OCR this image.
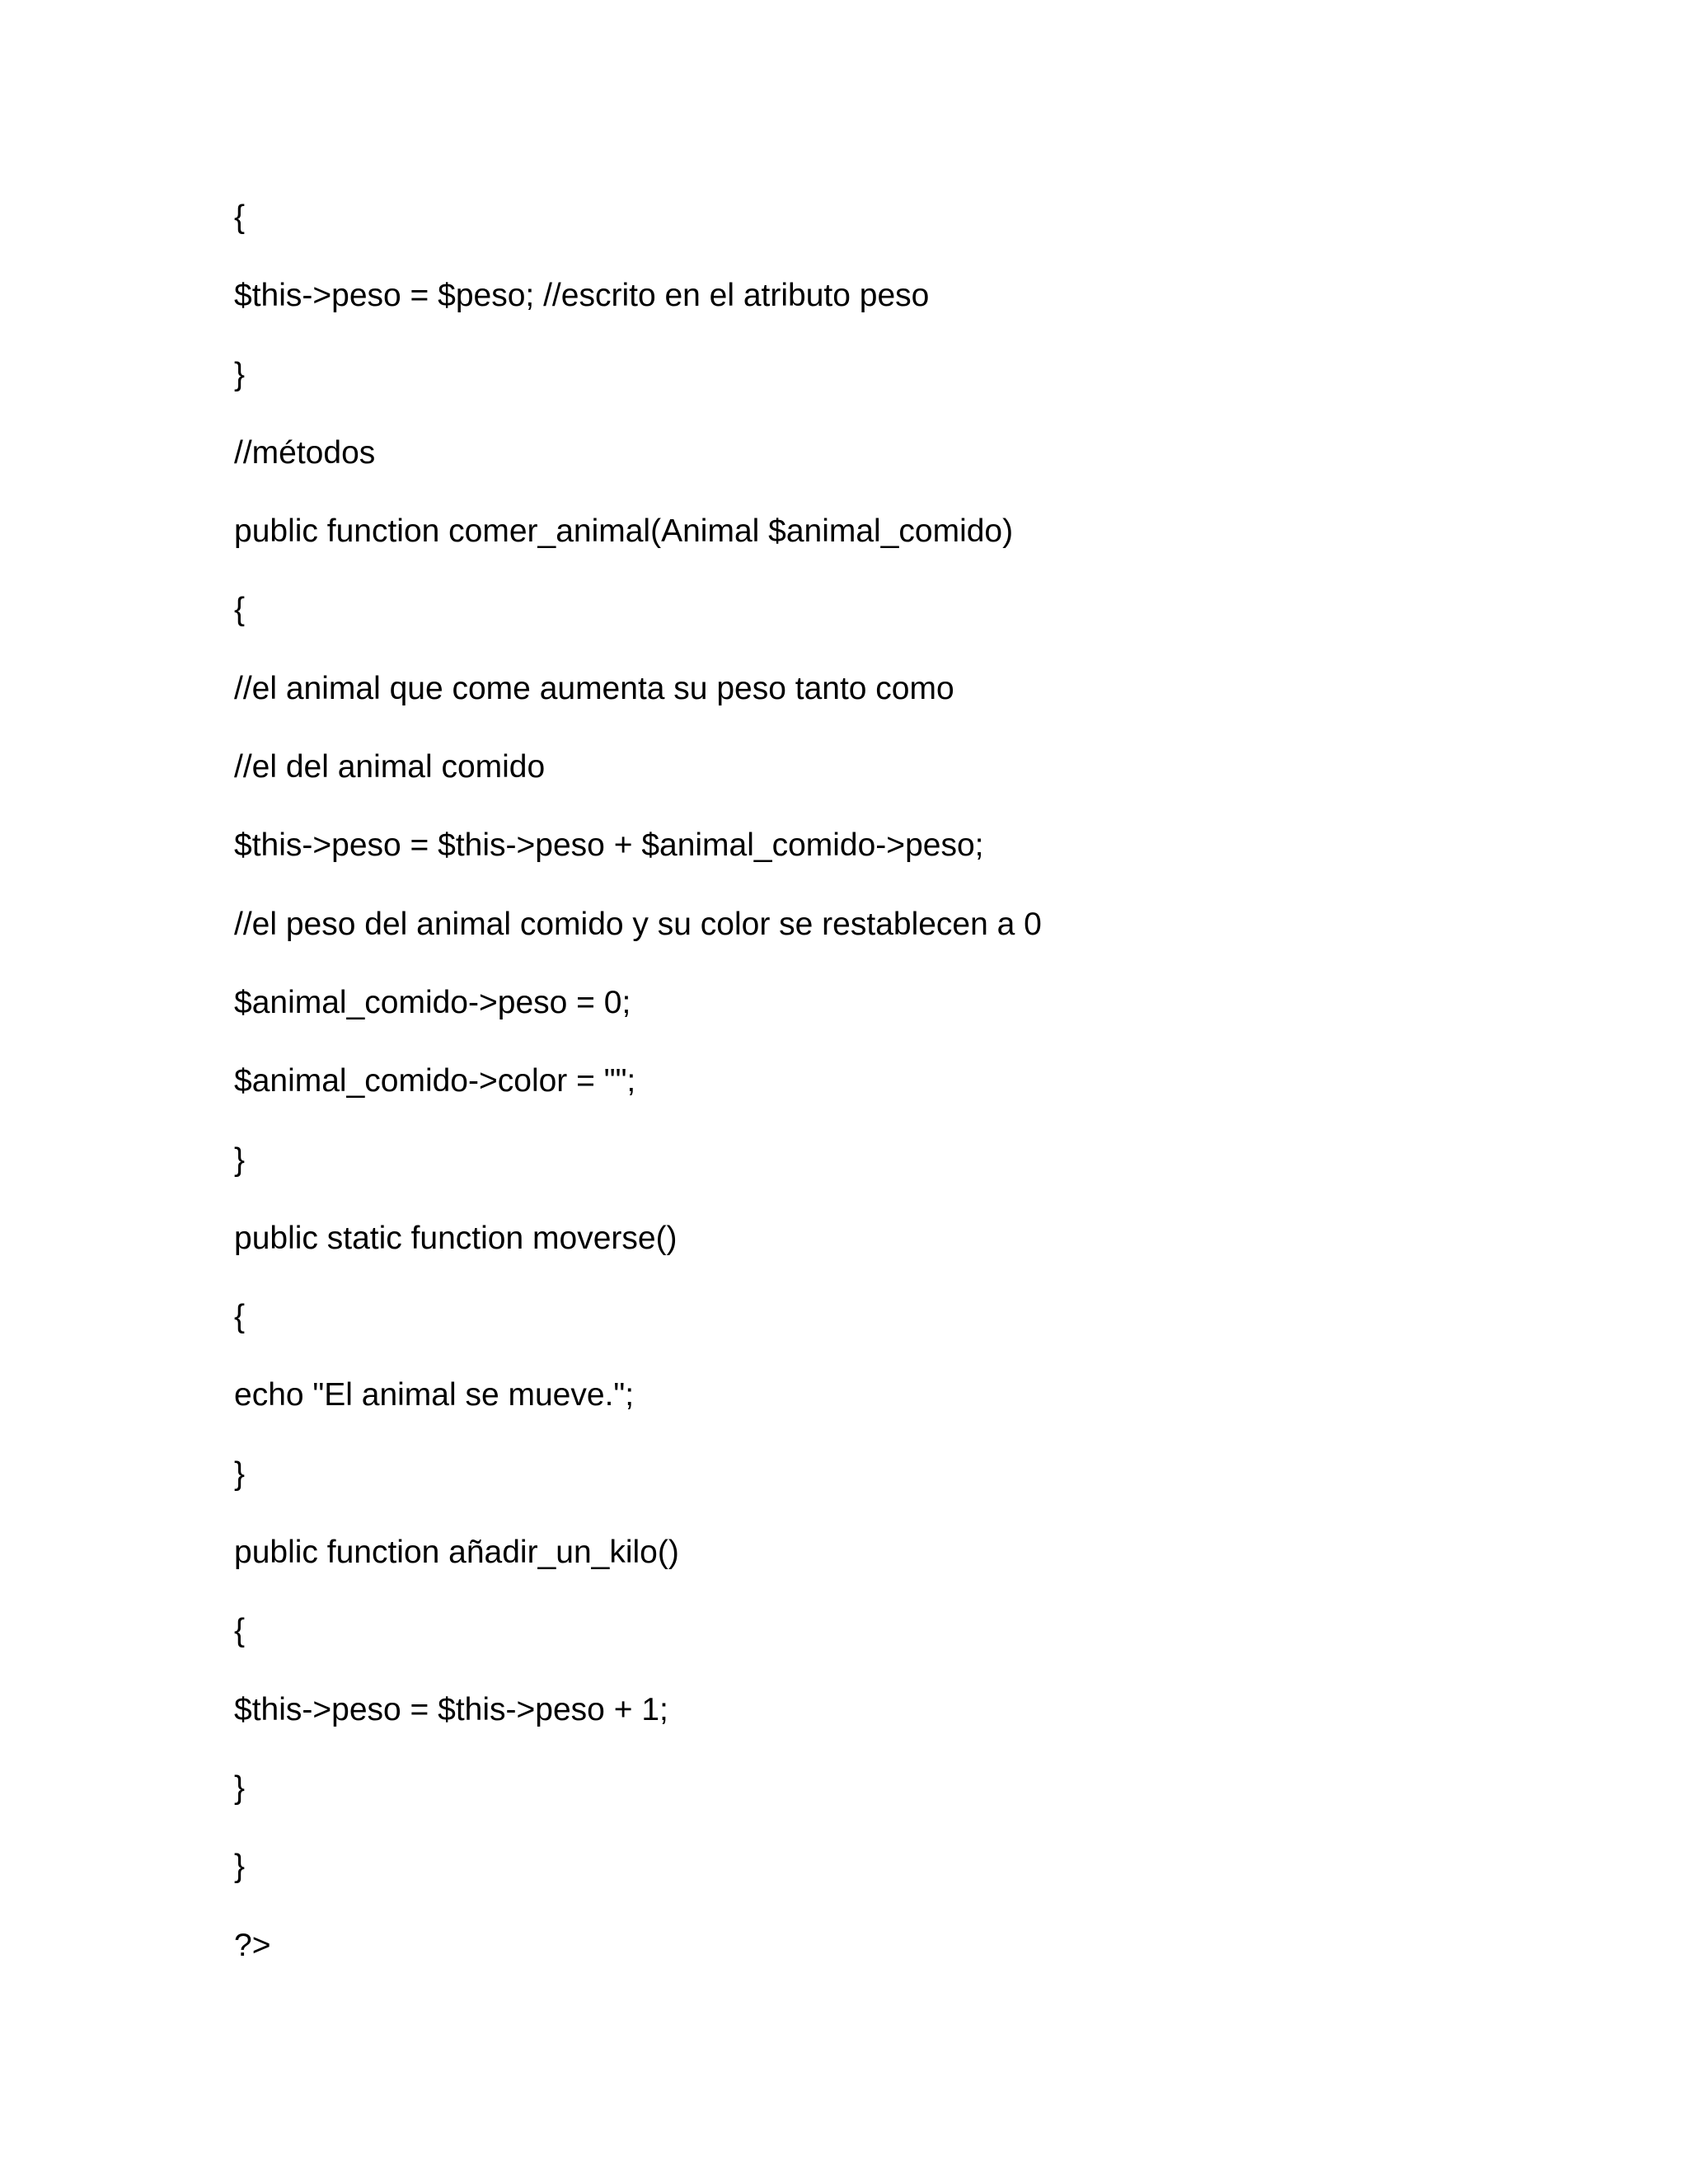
{
$this->peso = $peso; //escrito en el atributo peso
}
//métodos
public function comer_animal(Animal $animal_comido)
{
//el animal que come aumenta su peso tanto como
//el del animal comido
$this->peso = $this->peso + $animal_comido->peso;
//el peso del animal comido y su color se restablecen a 0
$animal_comido->peso = 0;
$animal_comido->color = "";
}
public static function moverse()
{
echo "El animal se mueve.";
}
public function añadir_un_kilo()
{
$this->peso = $this->peso + 1;
}
}
?>
